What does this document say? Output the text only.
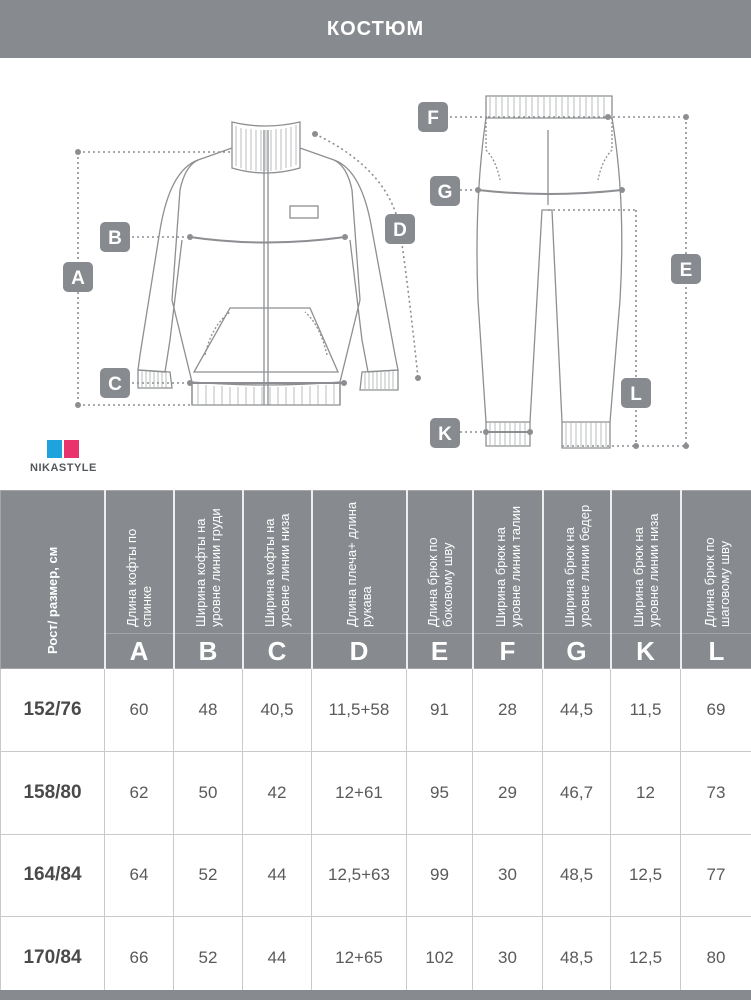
КОСТЮМ
A
B
C
D
F
G
E
L
K
NIKASTYLE
Рост/ размер, см	Длина кофты по спинке	Ширина кофты на уровне линии груди	Ширина кофты на уровне линии низа	Длина плеча+ длина рукава	Длина брюк по боковому шву	Ширина брюк на уровне линии талии	Ширина брюк на уровне линии бедер	Ширина брюк на уровне линии низа	Длина брюк по шаговому шву

	A	B	C	D	E	F	G	K	L
152/76	60	48	40,5	11,5+58	91	28	44,5	11,5	69
158/80	62	50	42	12+61	95	29	46,7	12	73
164/84	64	52	44	12,5+63	99	30	48,5	12,5	77
170/84	66	52	44	12+65	102	30	48,5	12,5	80
